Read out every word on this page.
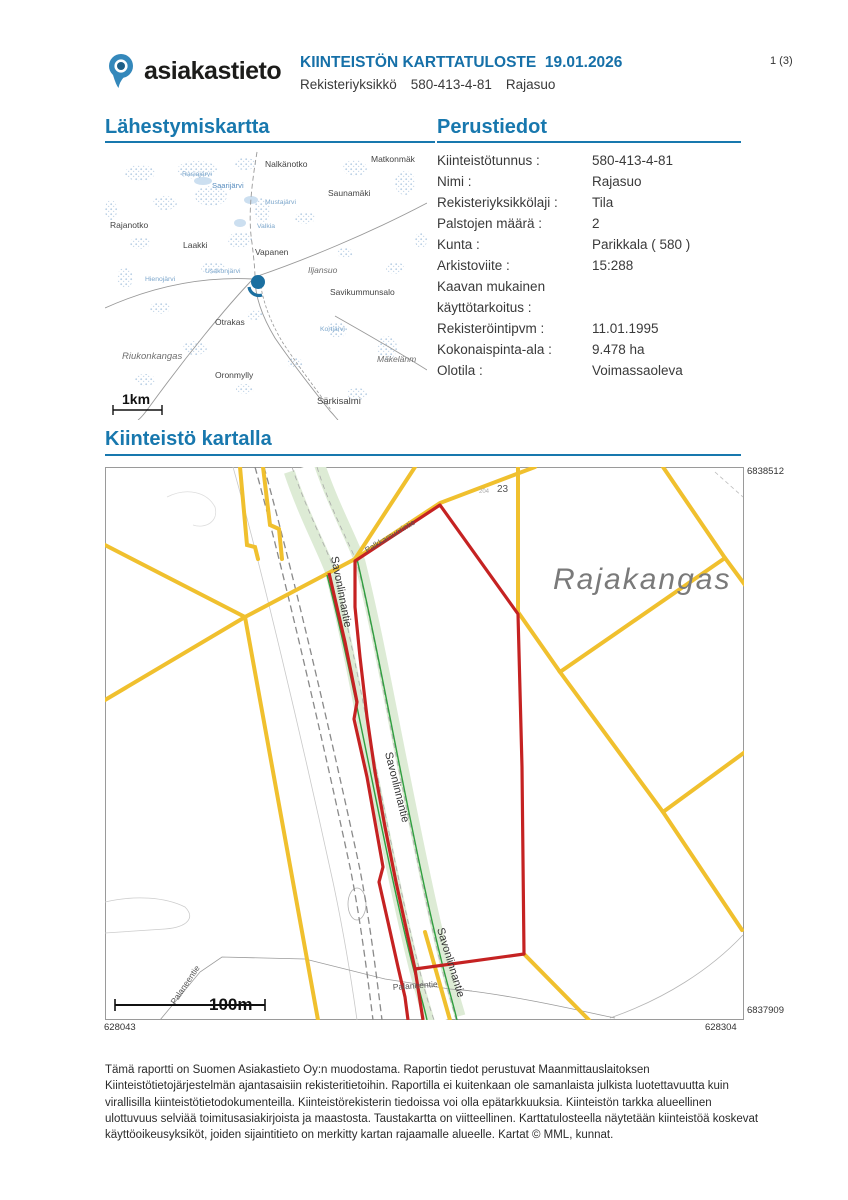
asiakastieto KIINTEISTÖN KARTTATULOSTE 19.01.2026
Rekisteriyksikkö 580-413-4-81 Rajasuo
1 (3)
Lähestymiskartta
Nalkänotko	Matkonmäk
Saunamäki
Rajanotko
Laakki
Vapanen
Savikummunsalo
Otrakas
Oronmylly
Särkisalmi
Iljansuo
Riukonkangas	Mäkelänm
Rasiajärvi
Saarijärvi
Mustajärvi
Valkia
Usakonjärvi
Kortjärvi
Hienojärvi
1km
Perustiedot
Kiinteistötunnus :	580-413-4-81
Nimi :	Rajasuo
Rekisteriyksikkölaji :	Tila
Palstojen määrä :	2
Kunta :	Parikkala ( 580 )
Arkistoviite :	15:288
Kaavan mukainen käyttötarkoitus :
Rekisteröintipvm :	11.01.1995
Kokonaispinta-ala :	9.478 ha
Olotila :	Voimassaoleva
Kiinteistö kartalla
Rajakangas
23
204
Savonlinnantie
Savonlinnantie
Savonlinnantie
Palkkamuorintie
Palaneentie	Palaneentie
100m
6838512
6837909
628043	628304
Tämä raportti on Suomen Asiakastieto Oy:n muodostama. Raportin tiedot perustuvat Maanmittauslaitoksen Kiinteistötietojärjestelmän ajantasaisiin rekisteritietoihin. Raportilla ei kuitenkaan ole samanlaista julkista luotettavuutta kuin virallisilla kiinteistötietodokumenteilla. Kiinteistörekisterin tiedoissa voi olla epätarkkuuksia. Kiinteistön tarkka alueellinen ulottuvuus selviää toimitusasiakirjoista ja maastosta. Taustakartta on viitteellinen. Karttatulosteella näytetään kiinteistöä koskevat käyttöoikeusyksiköt, joiden sijaintitieto on merkitty kartan rajaamalle alueelle. Kartat © MML, kunnat.
